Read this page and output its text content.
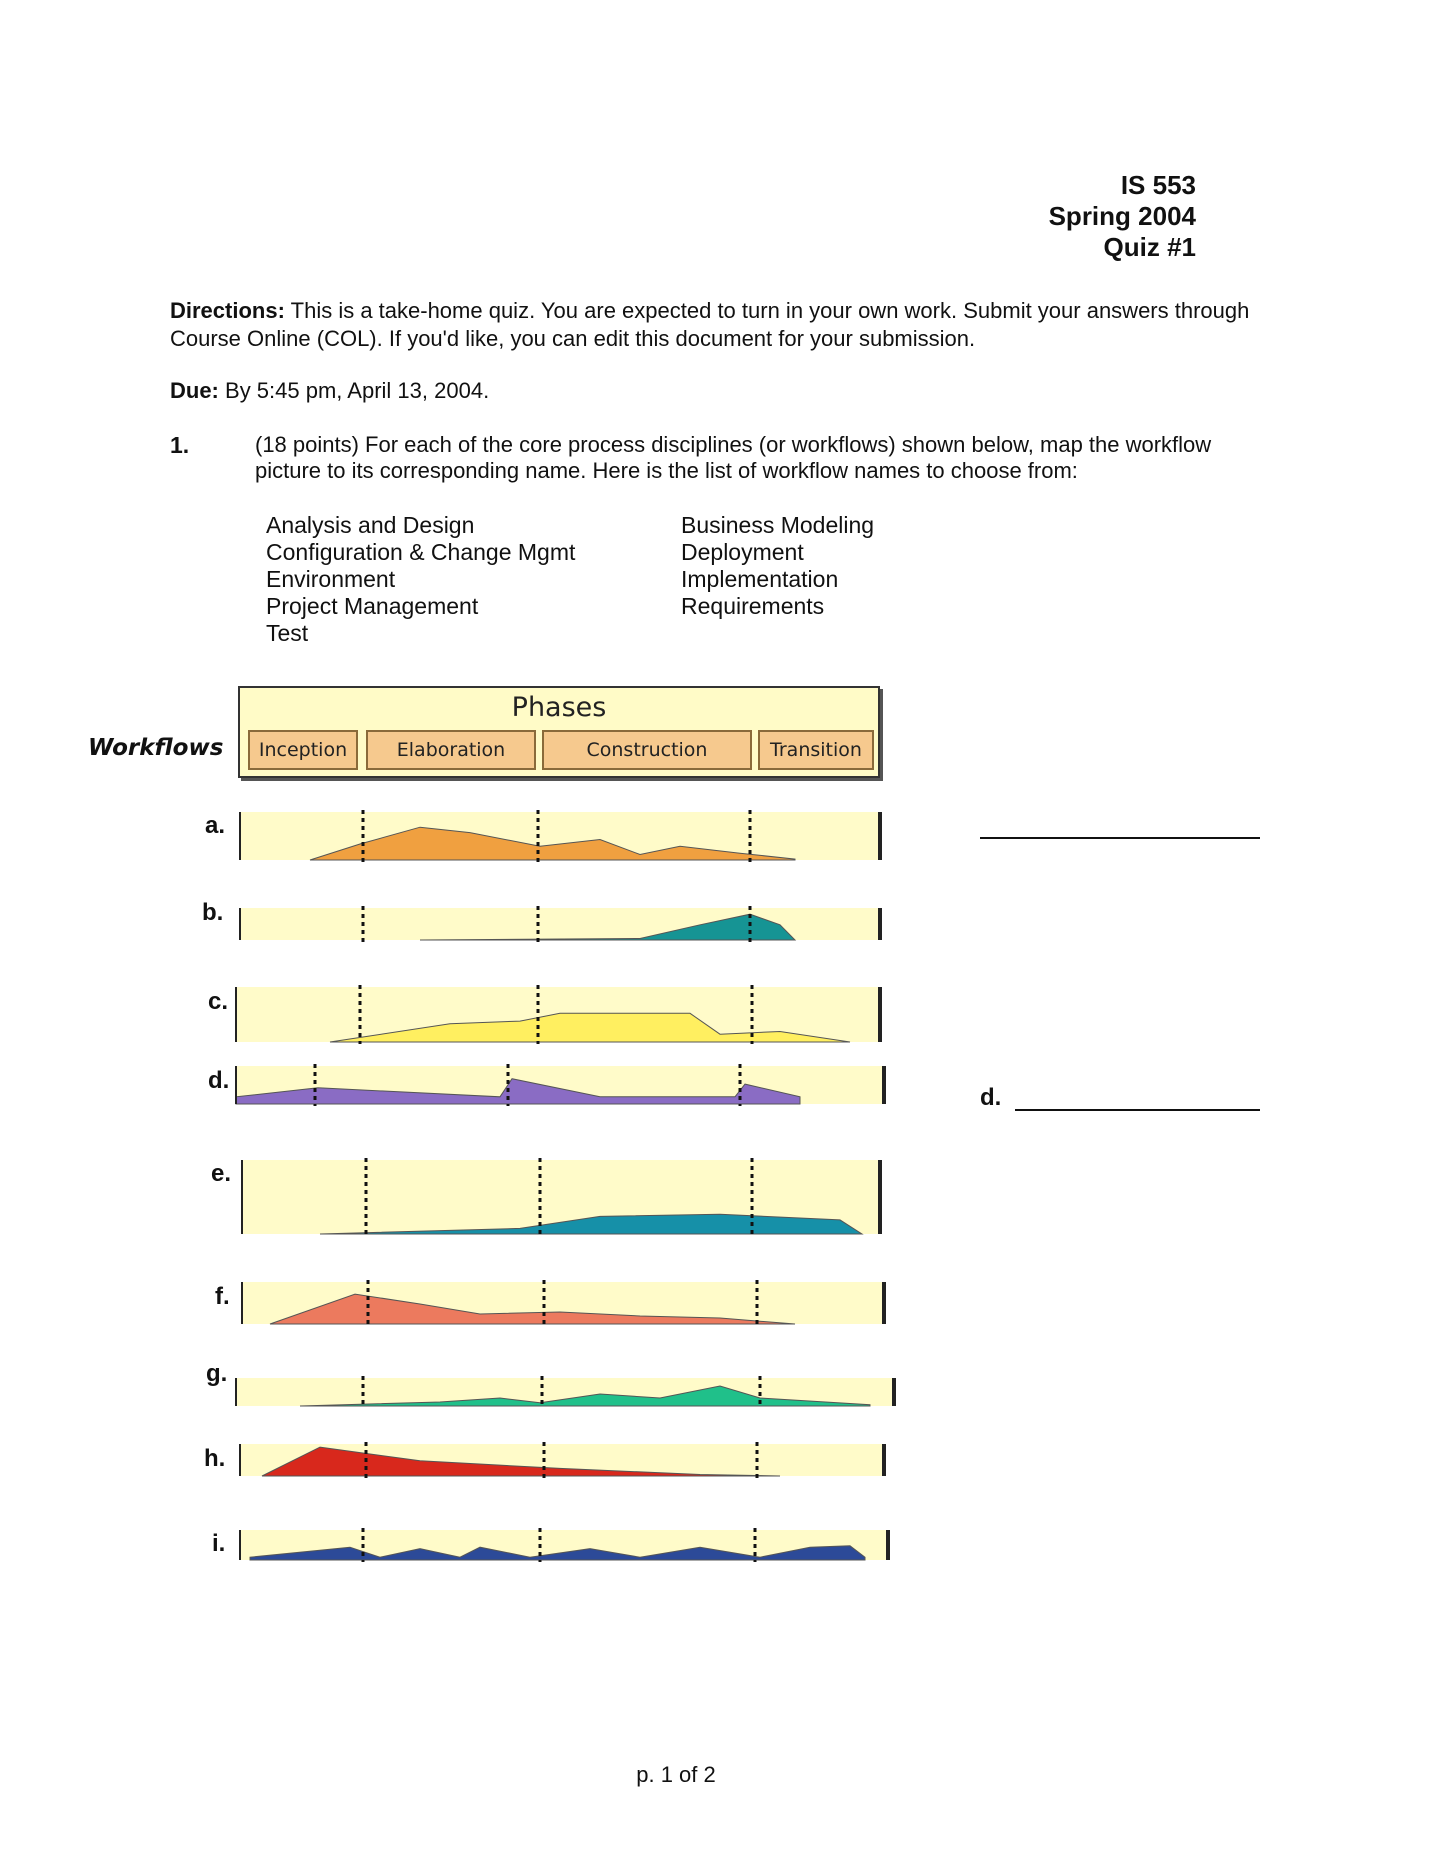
IS 553
Spring 2004
Quiz #1
Directions: This is a take-home quiz. You are expected to turn in your own work. Submit your answers through Course Online (COL). If you'd like, you can edit this document for your submission.
Due: By 5:45 pm, April 13, 2004.
1.	(18 points) For each of the core process disciplines (or workflows) shown below, map the workflow picture to its corresponding name. Here is the list of workflow names to choose from:
Analysis and Design
Configuration & Change Mgmt
Environment
Project Management
Test
Business Modeling
Deployment
Implementation
Requirements
Phases
Inception	Elaboration	Construction	Transition
Workflows
a.
b.
c.
d.
e.
f.
g.
h.
i.
d.
p. 1 of 2
